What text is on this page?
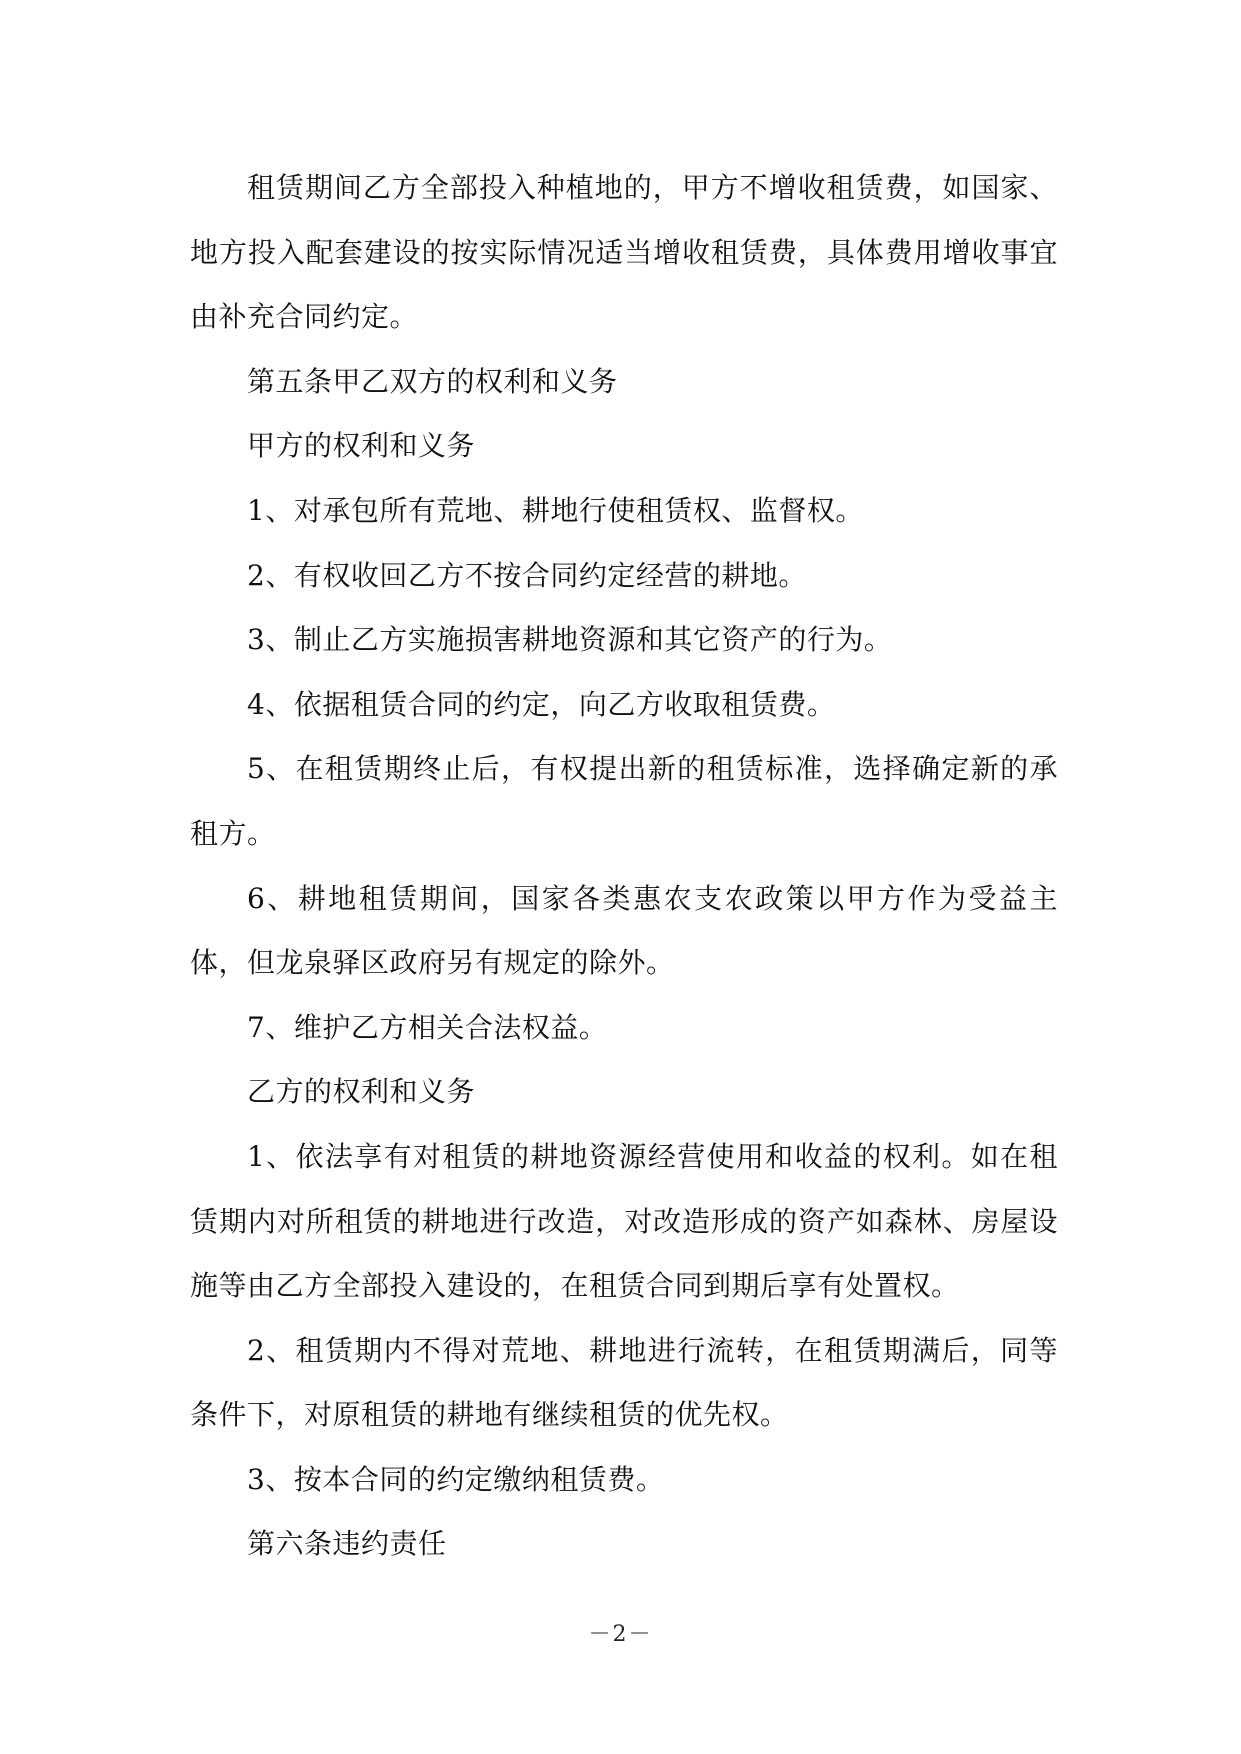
租赁期间乙方全部投入种植地的，甲方不增收租赁费，如国家、地方投入配套建设的按实际情况适当增收租赁费，具体费用增收事宜由补充合同约定。

第五条甲乙双方的权利和义务

甲方的权利和义务

1、对承包所有荒地、耕地行使租赁权、监督权。

2、有权收回乙方不按合同约定经营的耕地。

3、制止乙方实施损害耕地资源和其它资产的行为。

4、依据租赁合同的约定，向乙方收取租赁费。

5、在租赁期终止后，有权提出新的租赁标准，选择确定新的承租方。

6、耕地租赁期间，国家各类惠农支农政策以甲方作为受益主体，但龙泉驿区政府另有规定的除外。

7、维护乙方相关合法权益。

乙方的权利和义务

1、依法享有对租赁的耕地资源经营使用和收益的权利。如在租赁期内对所租赁的耕地进行改造，对改造形成的资产如森林、房屋设施等由乙方全部投入建设的，在租赁合同到期后享有处置权。

2、租赁期内不得对荒地、耕地进行流转，在租赁期满后，同等条件下，对原租赁的耕地有继续租赁的优先权。

3、按本合同的约定缴纳租赁费。

第六条违约责任

－2－
